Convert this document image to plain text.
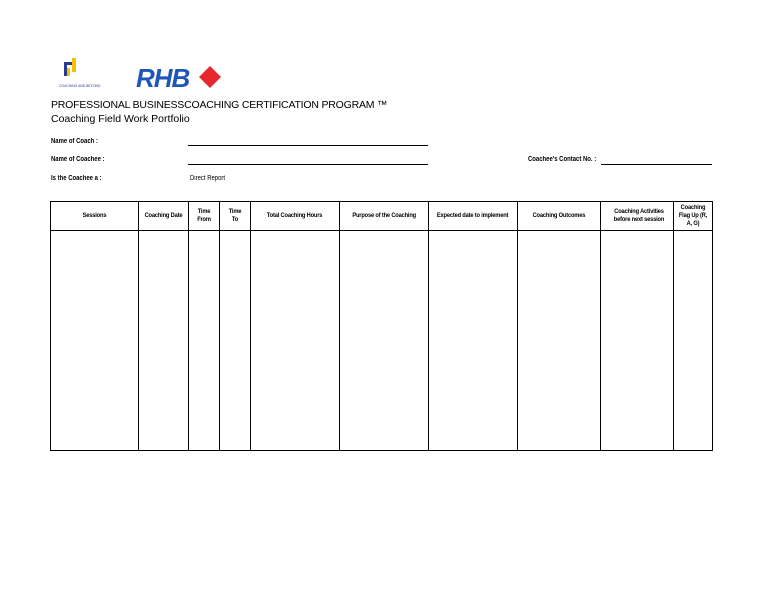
COACHING AND BEYOND RHB
PROFESSIONAL BUSINESSCOACHING CERTIFICATION PROGRAM ™
Coaching Field Work Portfolio
Name of Coach :
Name of Coachee :	Coachee's Contact No. :
Is the Coachee a :	Direct Report
Sessions	Coaching Date	Time From	Time To	Total Coaching Hours	Purpose of the Coaching	Expected date to implement	Coaching Outcomes	Coaching Activities before next session	Coaching Flag Up (R, A, G)
